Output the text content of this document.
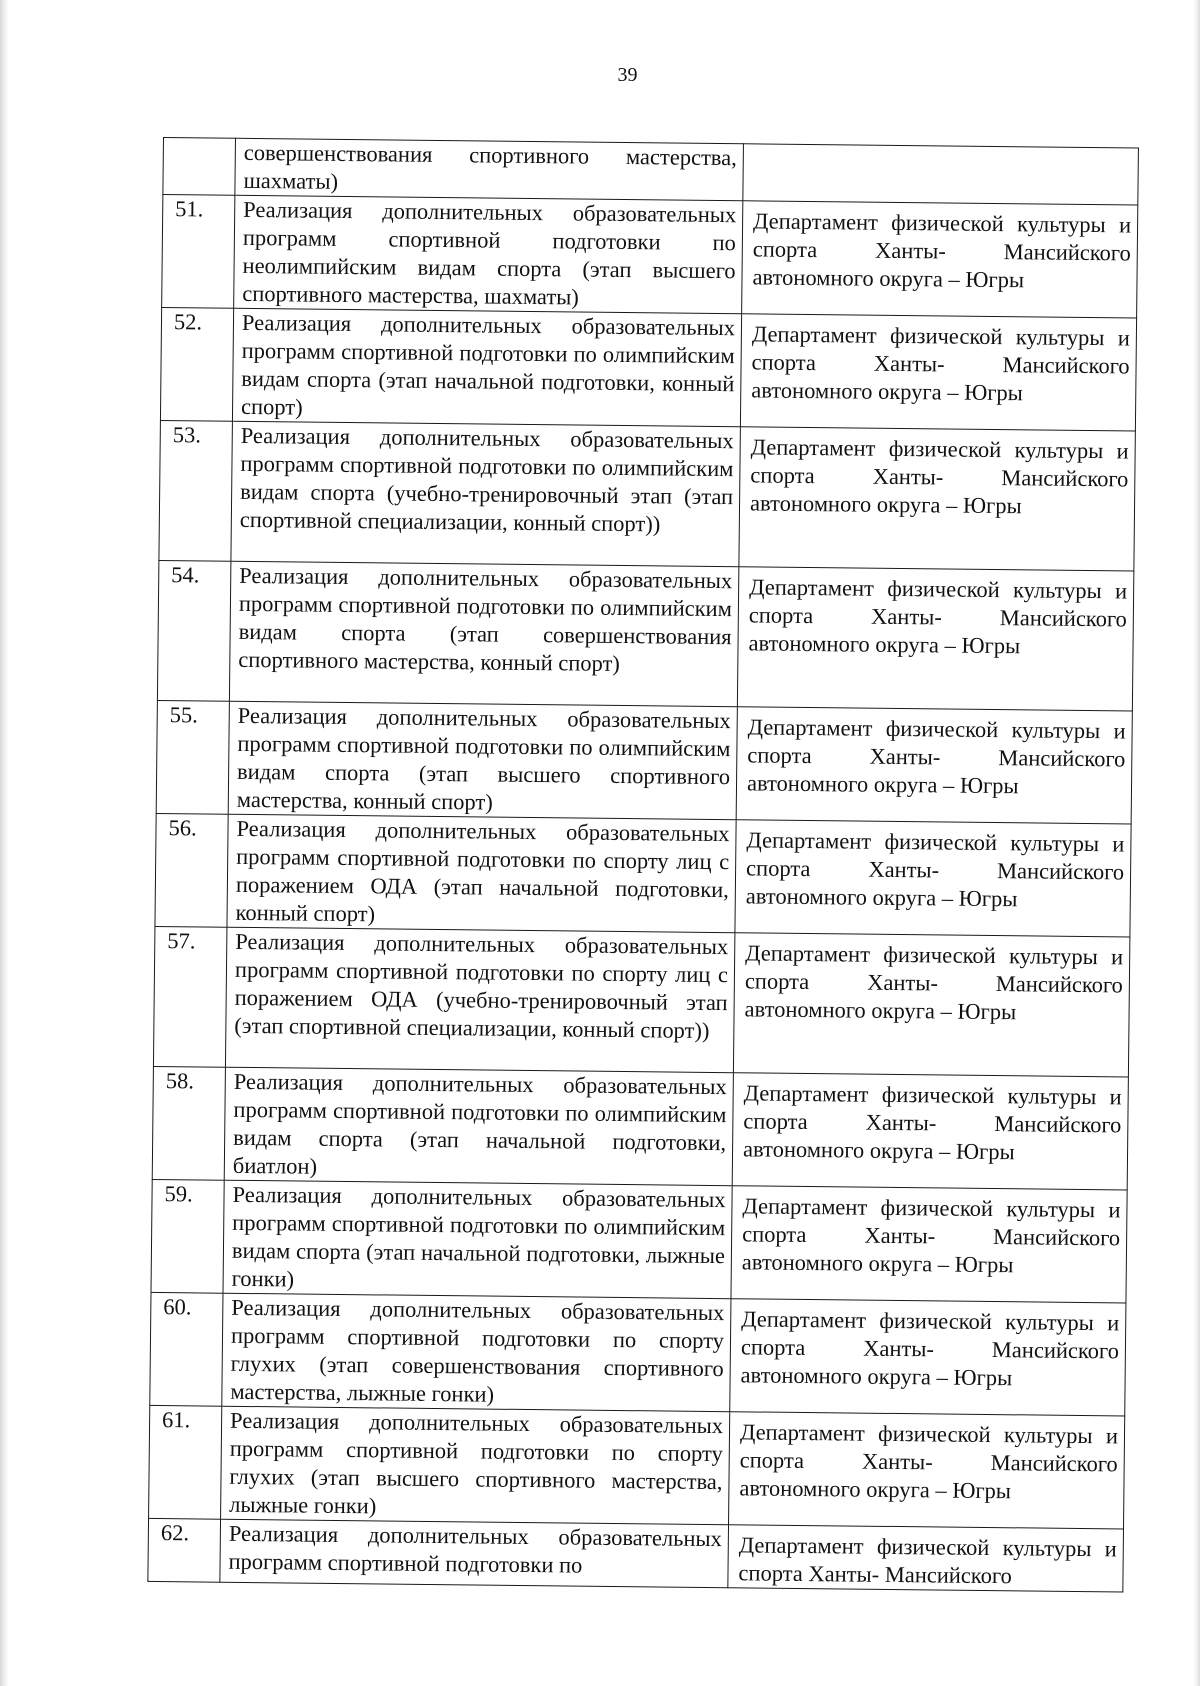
39
	совершенствования спортивного мастерства, шахматы)	
51.	Реализация дополнительных образовательных программ спортивной подготовки по неолимпийским видам спорта (этап высшего спортивного мастерства, шахматы)	Департамент физической культуры и спорта Ханты- Мансийского автономного округа – Югры
52.	Реализация дополнительных образовательных программ спортивной подготовки по олимпийским видам спорта (этап начальной подготовки, конный спорт)	Департамент физической культуры и спорта Ханты- Мансийского автономного округа – Югры
53.	Реализация дополнительных образовательных программ спортивной подготовки по олимпийским видам спорта (учебно-тренировочный этап (этап спортивной специализации, конный спорт))	Департамент физической культуры и спорта Ханты- Мансийского автономного округа – Югры
54.	Реализация дополнительных образовательных программ спортивной подготовки по олимпийским видам спорта (этап совершенствования спортивного мастерства, конный спорт)	Департамент физической культуры и спорта Ханты- Мансийского автономного округа – Югры
55.	Реализация дополнительных образовательных программ спортивной подготовки по олимпийским видам спорта (этап высшего спортивного мастерства, конный спорт)	Департамент физической культуры и спорта Ханты- Мансийского автономного округа – Югры
56.	Реализация дополнительных образовательных программ спортивной подготовки по спорту лиц с поражением ОДА (этап начальной подготовки, конный спорт)	Департамент физической культуры и спорта Ханты- Мансийского автономного округа – Югры
57.	Реализация дополнительных образовательных программ спортивной подготовки по спорту лиц с поражением ОДА (учебно-тренировочный этап (этап спортивной специализации, конный спорт))	Департамент физической культуры и спорта Ханты- Мансийского автономного округа – Югры
58.	Реализация дополнительных образовательных программ спортивной подготовки по олимпийским видам спорта (этап начальной подготовки, биатлон)	Департамент физической культуры и спорта Ханты- Мансийского автономного округа – Югры
59.	Реализация дополнительных образовательных программ спортивной подготовки по олимпийским видам спорта (этап начальной подготовки, лыжные гонки)	Департамент физической культуры и спорта Ханты- Мансийского автономного округа – Югры
60.	Реализация дополнительных образовательных программ спортивной подготовки по спорту глухих (этап совершенствования спортивного мастерства, лыжные гонки)	Департамент физической культуры и спорта Ханты- Мансийского автономного округа – Югры
61.	Реализация дополнительных образовательных программ спортивной подготовки по спорту глухих (этап высшего спортивного мастерства, лыжные гонки)	Департамент физической культуры и спорта Ханты- Мансийского автономного округа – Югры
62.	Реализация дополнительных образовательных программ спортивной подготовки по	Департамент физической культуры и спорта Ханты- Мансийского
